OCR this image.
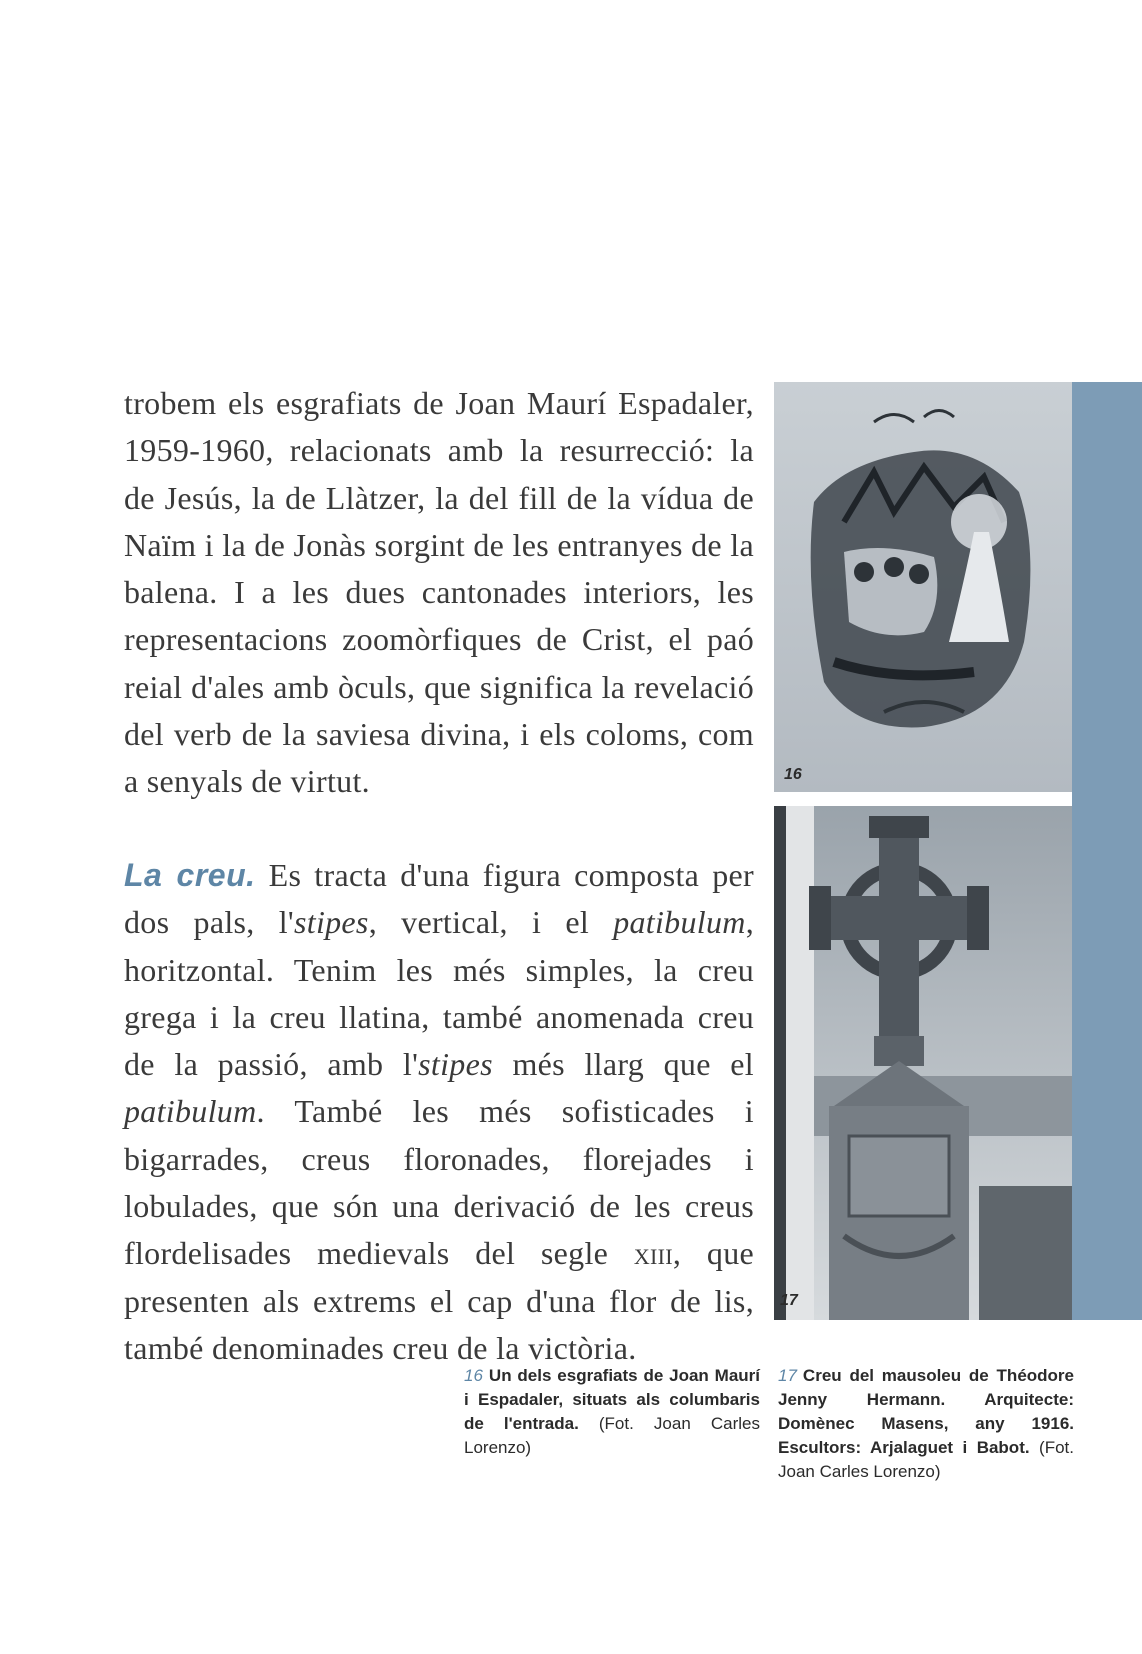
trobem els esgrafiats de Joan Maurí Espadaler, 1959-1960, relacionats amb la resurrecció: la de Jesús, la de Llàtzer, la del fill de la vídua de Naïm i la de Jonàs sorgint de les entranyes de la balena. I a les dues cantonades interiors, les representacions zoomòrfiques de Crist, el paó reial d'ales amb òculs, que significa la revelació del verb de la saviesa divina, i els coloms, com a senyals de virtut.

La creu. Es tracta d'una figura composta per dos pals, l'stipes, vertical, i el patibulum, horitzontal. Tenim les més simples, la creu grega i la creu llatina, també anomenada creu de la passió, amb l'stipes més llarg que el patibulum. També les més sofisticades i bigarrades, creus floronades, florejades i lobulades, que són una derivació de les creus flordelisades medievals del segle xiii, que presenten als extrems el cap d'una flor de lis, també denominades creu de la victòria.

16
17

16 Un dels esgrafiats de Joan Maurí i Espadaler, situats als columbaris de l'entrada. (Fot. Joan Carles Lorenzo)

17 Creu del mausoleu de Théodore Jenny Hermann. Arquitecte: Domènec Masens, any 1916. Escultors: Arjalaguet i Babot. (Fot. Joan Carles Lorenzo)
